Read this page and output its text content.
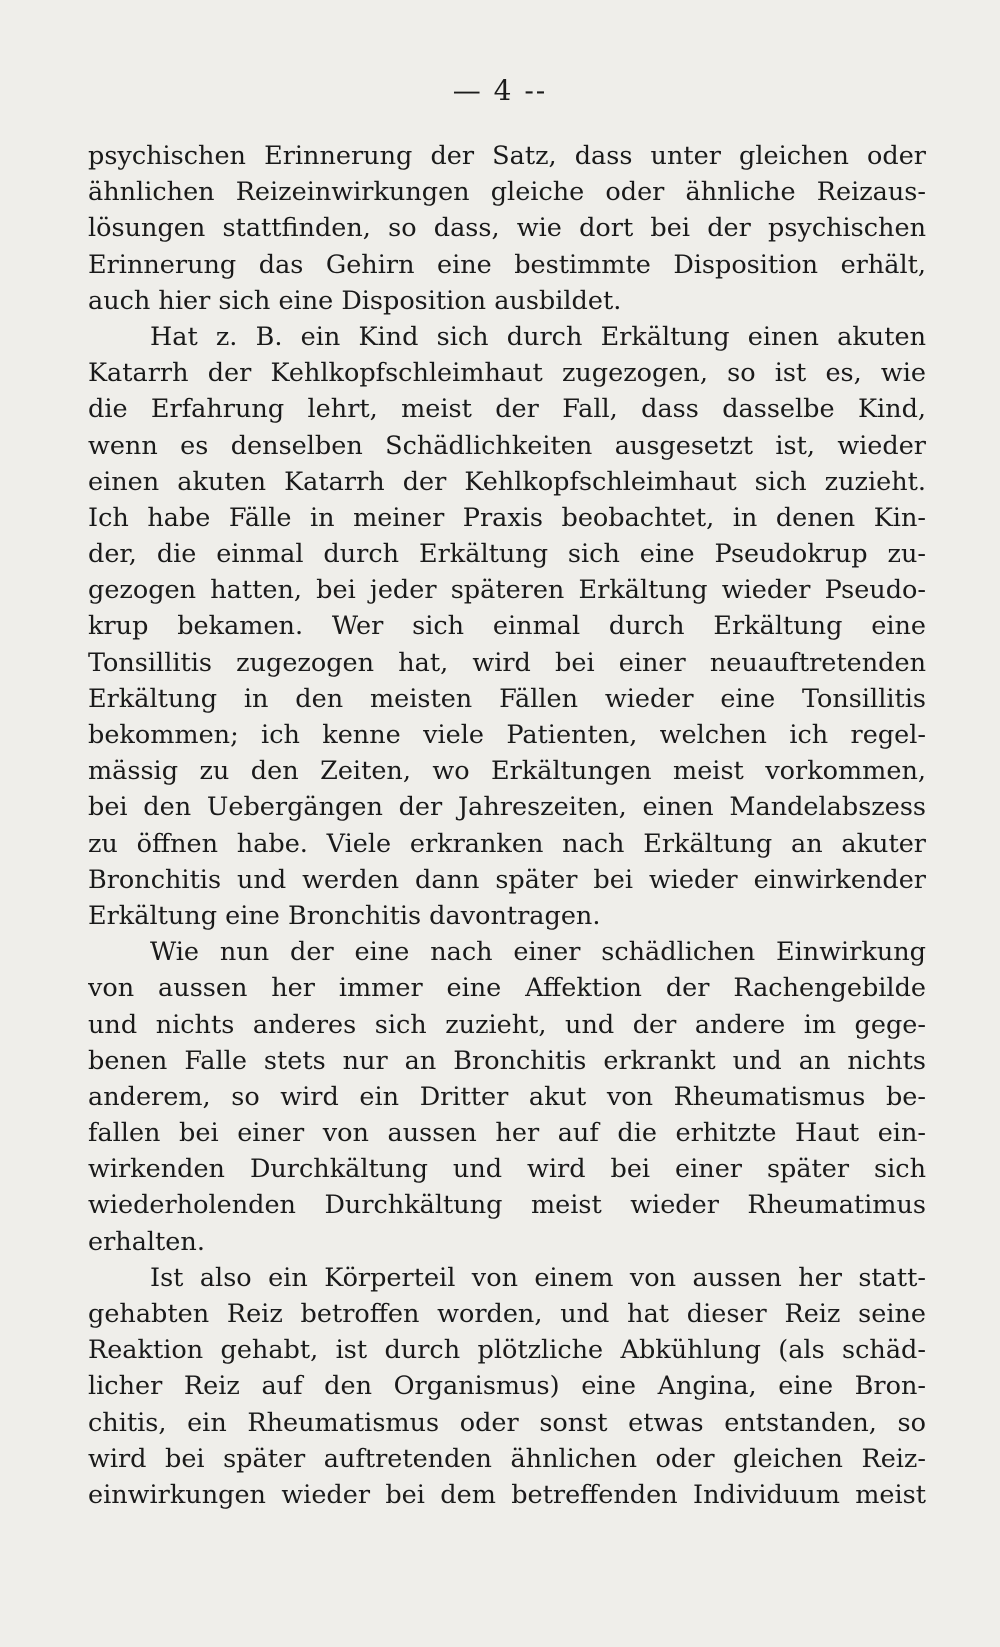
— 4 --
psychischen Erinnerung der Satz, dass unter gleichen oder
ähnlichen Reizeinwirkungen gleiche oder ähnliche Reizaus-
lösungen stattfinden, so dass, wie dort bei der psychischen
Erinnerung das Gehirn eine bestimmte Disposition erhält,
auch hier sich eine Disposition ausbildet.
Hat z. B. ein Kind sich durch Erkältung einen akuten
Katarrh der Kehlkopfschleimhaut zugezogen, so ist es, wie
die Erfahrung lehrt, meist der Fall, dass dasselbe Kind,
wenn es denselben Schädlichkeiten ausgesetzt ist, wieder
einen akuten Katarrh der Kehlkopfschleimhaut sich zuzieht.
Ich habe Fälle in meiner Praxis beobachtet, in denen Kin-
der, die einmal durch Erkältung sich eine Pseudokrup zu-
gezogen hatten, bei jeder späteren Erkältung wieder Pseudo-
krup bekamen. Wer sich einmal durch Erkältung eine
Tonsillitis zugezogen hat, wird bei einer neuauftretenden
Erkältung in den meisten Fällen wieder eine Tonsillitis
bekommen; ich kenne viele Patienten, welchen ich regel-
mässig zu den Zeiten, wo Erkältungen meist vorkommen,
bei den Uebergängen der Jahreszeiten, einen Mandelabszess
zu öffnen habe. Viele erkranken nach Erkältung an akuter
Bronchitis und werden dann später bei wieder einwirkender
Erkältung eine Bronchitis davontragen.
Wie nun der eine nach einer schädlichen Einwirkung
von aussen her immer eine Affektion der Rachengebilde
und nichts anderes sich zuzieht, und der andere im gege-
benen Falle stets nur an Bronchitis erkrankt und an nichts
anderem, so wird ein Dritter akut von Rheumatismus be-
fallen bei einer von aussen her auf die erhitzte Haut ein-
wirkenden Durchkältung und wird bei einer später sich
wiederholenden Durchkältung meist wieder Rheumatimus
erhalten.
Ist also ein Körperteil von einem von aussen her statt-
gehabten Reiz betroffen worden, und hat dieser Reiz seine
Reaktion gehabt, ist durch plötzliche Abkühlung (als schäd-
licher Reiz auf den Organismus) eine Angina, eine Bron-
chitis, ein Rheumatismus oder sonst etwas entstanden, so
wird bei später auftretenden ähnlichen oder gleichen Reiz-
einwirkungen wieder bei dem betreffenden Individuum meist
